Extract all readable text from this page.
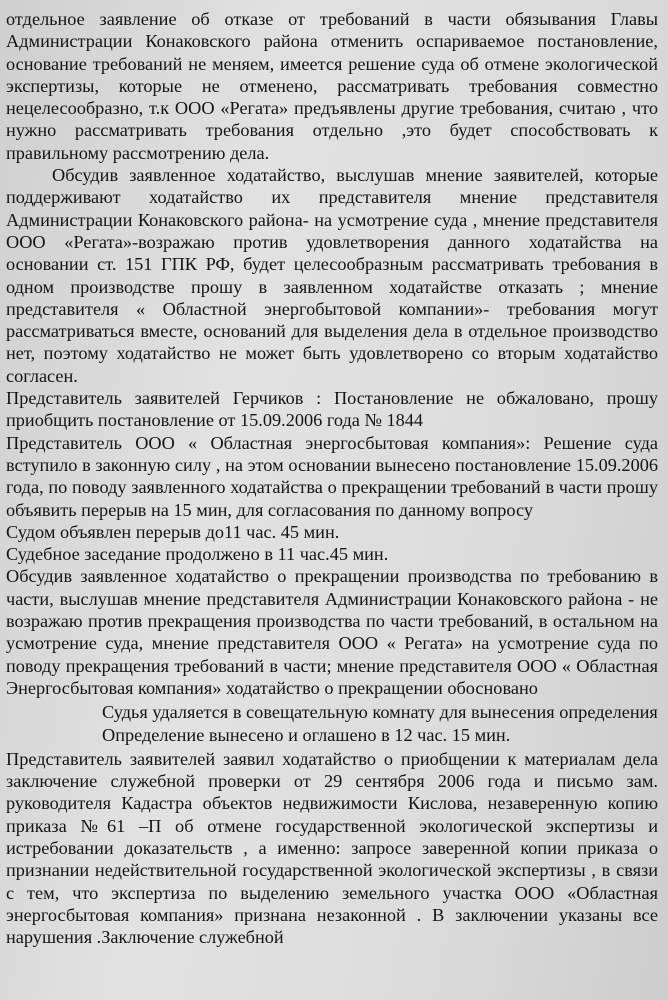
отдельное заявление об отказе от требований в части обязывания Главы Администрации Конаковского района отменить оспариваемое постановление, основание требований не меняем, имеется решение суда об отмене экологической экспертизы, которые не отменено, рассматривать требования совместно нецелесообразно, т.к ООО «Регата» предъявлены другие требования, считаю , что нужно рассматривать требования отдельно ,это будет способствовать к правильному рассмотрению дела.

Обсудив заявленное ходатайство, выслушав мнение заявителей, которые поддерживают ходатайство их представителя мнение представителя Администрации Конаковского района- на усмотрение суда , мнение представителя ООО «Регата»-возражаю против удовлетворения данного ходатайства на основании ст. 151 ГПК РФ, будет целесообразным рассматривать требования в одном производстве прошу в заявленном ходатайстве отказать ; мнение представителя « Областной энергобытовой компании»- требования могут рассматриваться вместе, оснований для выделения дела в отдельное производство нет, поэтому ходатайство не может быть удовлетворено со вторым ходатайство согласен.

Представитель заявителей Герчиков : Постановление не обжаловано, прошу приобщить постановление от 15.09.2006 года № 1844

Представитель ООО « Областная энергосбытовая компания»: Решение суда вступило в законную силу , на этом основании вынесено постановление 15.09.2006 года, по поводу заявленного ходатайства о прекращении требований в части прошу объявить перерыв на 15 мин, для согласования по данному вопросу

Судом объявлен перерыв до11 час. 45 мин.

Судебное заседание продолжено в 11 час.45 мин.

Обсудив заявленное ходатайство о прекращении производства по требованию в части, выслушав мнение представителя Администрации Конаковского района - не возражаю против прекращения производства по части требований, в остальном на усмотрение суда, мнение представителя ООО « Регата» на усмотрение суда по поводу прекращения требований в части; мнение представителя ООО « Областная Энергосбытовая компания» ходатайство о прекращении обосновано

Судья удаляется в совещательную комнату для вынесения определения

Определение вынесено и оглашено в 12 час. 15 мин.

Представитель заявителей заявил ходатайство о приобщении к материалам дела заключение служебной проверки от 29 сентября 2006 года и письмо зам. руководителя Кадастра объектов недвижимости Кислова, незаверенную копию приказа №61 –П об отмене государственной экологической экспертизы и истребовании доказательств , а именно: запросе заверенной копии приказа о признании недействительной государственной экологической экспертизы , в связи с тем, что экспертиза по выделению земельного участка ООО «Областная энергосбытовая компания» признана незаконной . В заключении указаны все нарушения .Заключение служебной
